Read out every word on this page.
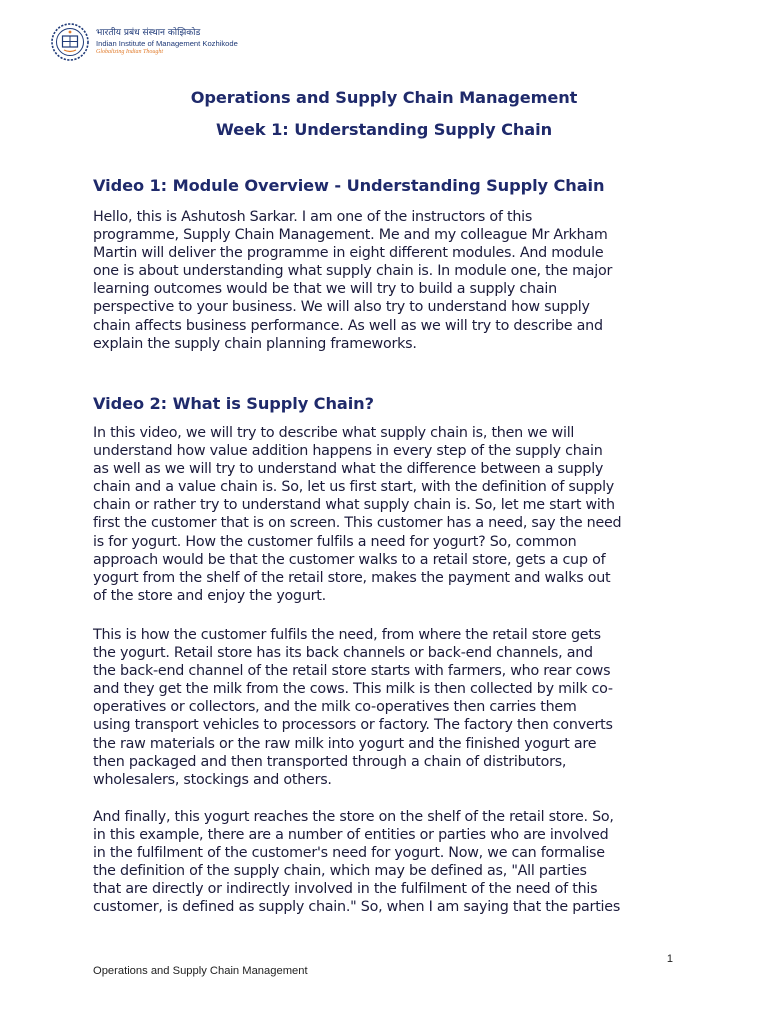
भारतीय प्रबंध संस्थान कोझिकोड
Indian Institute of Management Kozhikode
Globalizing Indian Thought
Operations and Supply Chain Management
Week 1: Understanding Supply Chain
Video 1: Module Overview - Understanding Supply Chain

Hello, this is Ashutosh Sarkar. I am one of the instructors of this
programme, Supply Chain Management. Me and my colleague Mr Arkham
Martin will deliver the programme in eight different modules. And module
one is about understanding what supply chain is. In module one, the major
learning outcomes would be that we will try to build a supply chain
perspective to your business. We will also try to understand how supply
chain affects business performance. As well as we will try to describe and
explain the supply chain planning frameworks.

Video 2: What is Supply Chain?

In this video, we will try to describe what supply chain is, then we will
understand how value addition happens in every step of the supply chain
as well as we will try to understand what the difference between a supply
chain and a value chain is. So, let us first start, with the definition of supply
chain or rather try to understand what supply chain is. So, let me start with
first the customer that is on screen. This customer has a need, say the need
is for yogurt. How the customer fulfils a need for yogurt? So, common
approach would be that the customer walks to a retail store, gets a cup of
yogurt from the shelf of the retail store, makes the payment and walks out
of the store and enjoy the yogurt.

This is how the customer fulfils the need, from where the retail store gets
the yogurt. Retail store has its back channels or back-end channels, and
the back-end channel of the retail store starts with farmers, who rear cows
and they get the milk from the cows. This milk is then collected by milk co-
operatives or collectors, and the milk co-operatives then carries them
using transport vehicles to processors or factory. The factory then converts
the raw materials or the raw milk into yogurt and the finished yogurt are
then packaged and then transported through a chain of distributors,
wholesalers, stockings and others.

And finally, this yogurt reaches the store on the shelf of the retail store. So,
in this example, there are a number of entities or parties who are involved
in the fulfilment of the customer's need for yogurt. Now, we can formalise
the definition of the supply chain, which may be defined as, "All parties
that are directly or indirectly involved in the fulfilment of the need of this
customer, is defined as supply chain." So, when I am saying that the parties

1
Operations and Supply Chain Management
